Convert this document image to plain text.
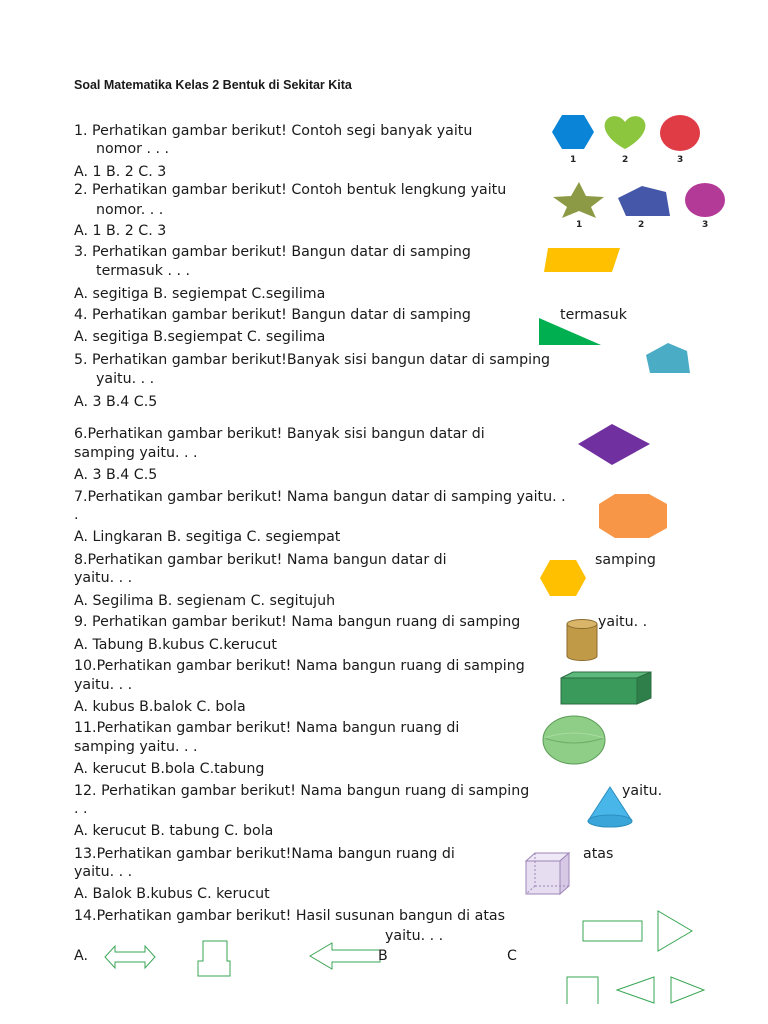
Soal Matematika Kelas 2 Bentuk di Sekitar Kita
1. Perhatikan gambar berikut! Contoh segi banyak yaitu
nomor . . .
A. 1 B. 2 C. 3
1	2	3
2. Perhatikan gambar berikut! Contoh bentuk lengkung yaitu
nomor. . .
A. 1 B. 2 C. 3	1	2	3
3. Perhatikan gambar berikut! Bangun datar di samping
termasuk . . .
A. segitiga B. segiempat C.segilima
4. Perhatikan gambar berikut! Bangun datar di samping	termasuk
A. segitiga B.segiempat C. segilima
5. Perhatikan gambar berikut!Banyak sisi bangun datar di samping
yaitu. . .
A. 3 B.4 C.5
6.Perhatikan gambar berikut! Banyak sisi bangun datar di
samping yaitu. . .
A. 3 B.4 C.5
7.Perhatikan gambar berikut! Nama bangun datar di samping yaitu. .
.
A. Lingkaran B. segitiga C. segiempat
8.Perhatikan gambar berikut! Nama bangun datar di	samping
yaitu. . .
A. Segilima B. segienam C. segitujuh
9. Perhatikan gambar berikut! Nama bangun ruang di samping	yaitu. .
A. Tabung B.kubus C.kerucut
10.Perhatikan gambar berikut! Nama bangun ruang di samping
yaitu. . .
A. kubus B.balok C. bola
11.Perhatikan gambar berikut! Nama bangun ruang di
samping yaitu. . .
A. kerucut B.bola C.tabung
12. Perhatikan gambar berikut! Nama bangun ruang di samping	yaitu.
. .
A. kerucut B. tabung C. bola
13.Perhatikan gambar berikut!Nama bangun ruang di	atas
yaitu. . .
A. Balok B.kubus C. kerucut
14.Perhatikan gambar berikut! Hasil susunan bangun di atas
yaitu. . .
A.	B	C
